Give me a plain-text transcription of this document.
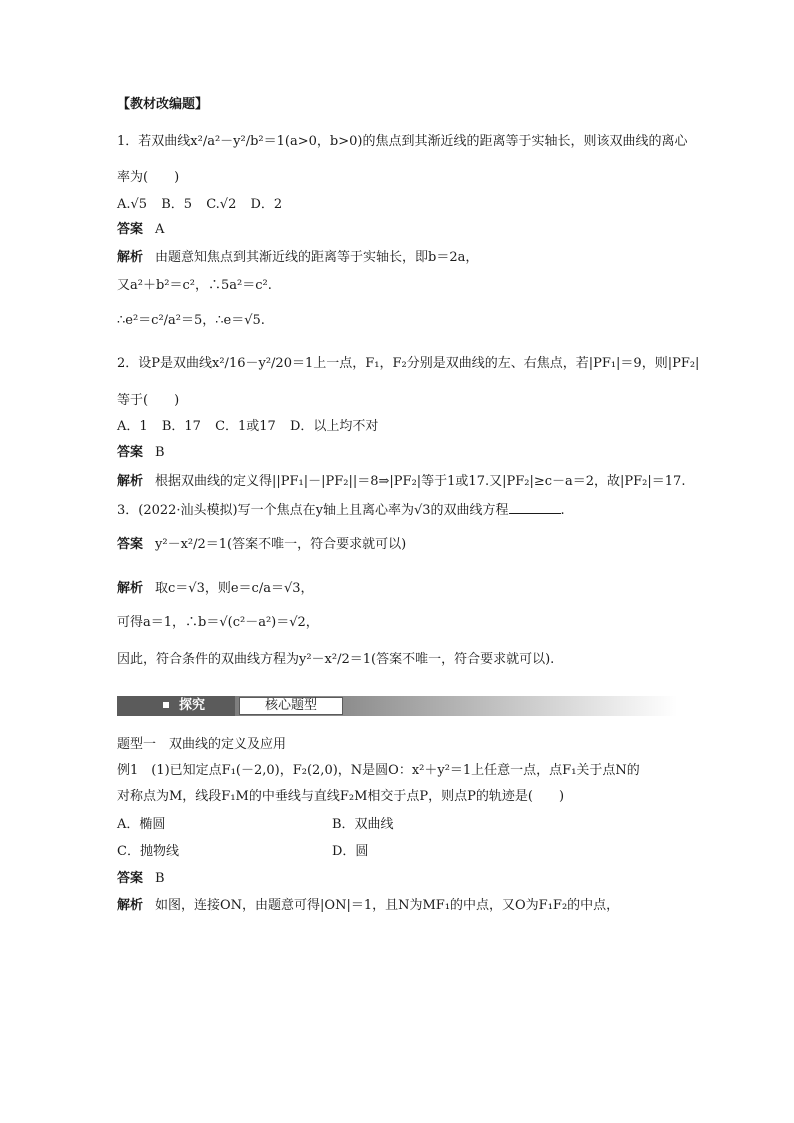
【教材改编题】
1．若双曲线x²/a²－y²/b²＝1(a>0，b>0)的焦点到其渐近线的距离等于实轴长，则该双曲线的离心
率为(　　)
A.√5 B．5 C.√2 D．2
答案 A
解析 由题意知焦点到其渐近线的距离等于实轴长，即b＝2a，
又a²＋b²＝c²，∴5a²＝c².
∴e²＝c²/a²＝5，∴e＝√5.
2．设P是双曲线x²/16－y²/20＝1上一点，F₁，F₂分别是双曲线的左、右焦点，若|PF₁|＝9，则|PF₂|
等于(　　)
A．1 B．17 C．1或17 D．以上均不对
答案 B
解析 根据双曲线的定义得||PF₁|－|PF₂||＝8⇒|PF₂|等于1或17.又|PF₂|≥c－a＝2，故|PF₂|＝17.
3．(2022·汕头模拟)写一个焦点在y轴上且离心率为√3的双曲线方程	.
答案 y²－x²/2＝1(答案不唯一，符合要求就可以)
解析 取c＝√3，则e＝c/a＝√3，
可得a＝1，∴b＝√(c²－a²)＝√2，
因此，符合条件的双曲线方程为y²－x²/2＝1(答案不唯一，符合要求就可以).
探究	核心题型
题型一　双曲线的定义及应用
例1　(1)已知定点F₁(－2,0)，F₂(2,0)，N是圆O：x²＋y²＝1上任意一点，点F₁关于点N的
对称点为M，线段F₁M的中垂线与直线F₂M相交于点P，则点P的轨迹是(　　)
A．椭圆	B．双曲线
C．抛物线	D．圆
答案 B
解析 如图，连接ON，由题意可得|ON|＝1，且N为MF₁的中点，又O为F₁F₂的中点，
